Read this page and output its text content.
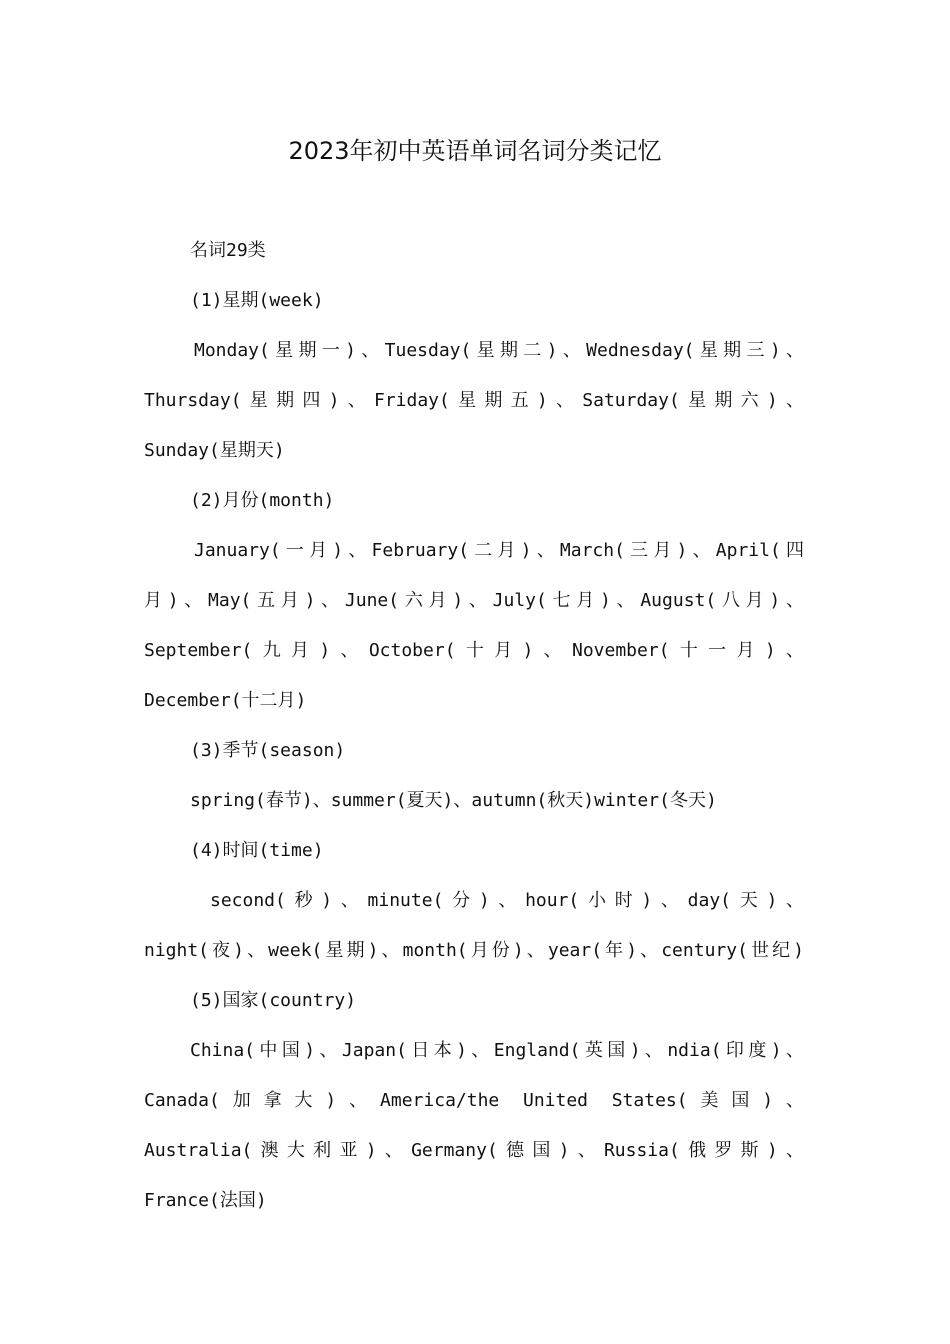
2023年初中英语单词名词分类记忆
名词29类
(1)星期(week)
Monday(星期一)、Tuesday(星期二)、Wednesday(星期三)、
Thursday(星期四)、Friday(星期五)、Saturday(星期六)、
Sunday(星期天)
(2)月份(month)
January(一月)、February(二月)、March(三月)、April(四
月)、May(五月)、June(六月)、July(七月)、August(八月)、
September(九月)、October(十月)、November(十一月)、
December(十二月)
(3)季节(season)
spring(春节)、summer(夏天)、autumn(秋天)winter(冬天)
(4)时间(time)
second(秒)、minute(分)、hour(小时)、day(天)、
night(夜)、week(星期)、month(月份)、year(年)、century(世纪)
(5)国家(country)
China(中国)、Japan(日本)、England(英国)、ndia(印度)、
Canada(加拿大)、America/the United States(美国)、
Australia(澳大利亚)、Germany(德国)、Russia(俄罗斯)、
France(法国)
